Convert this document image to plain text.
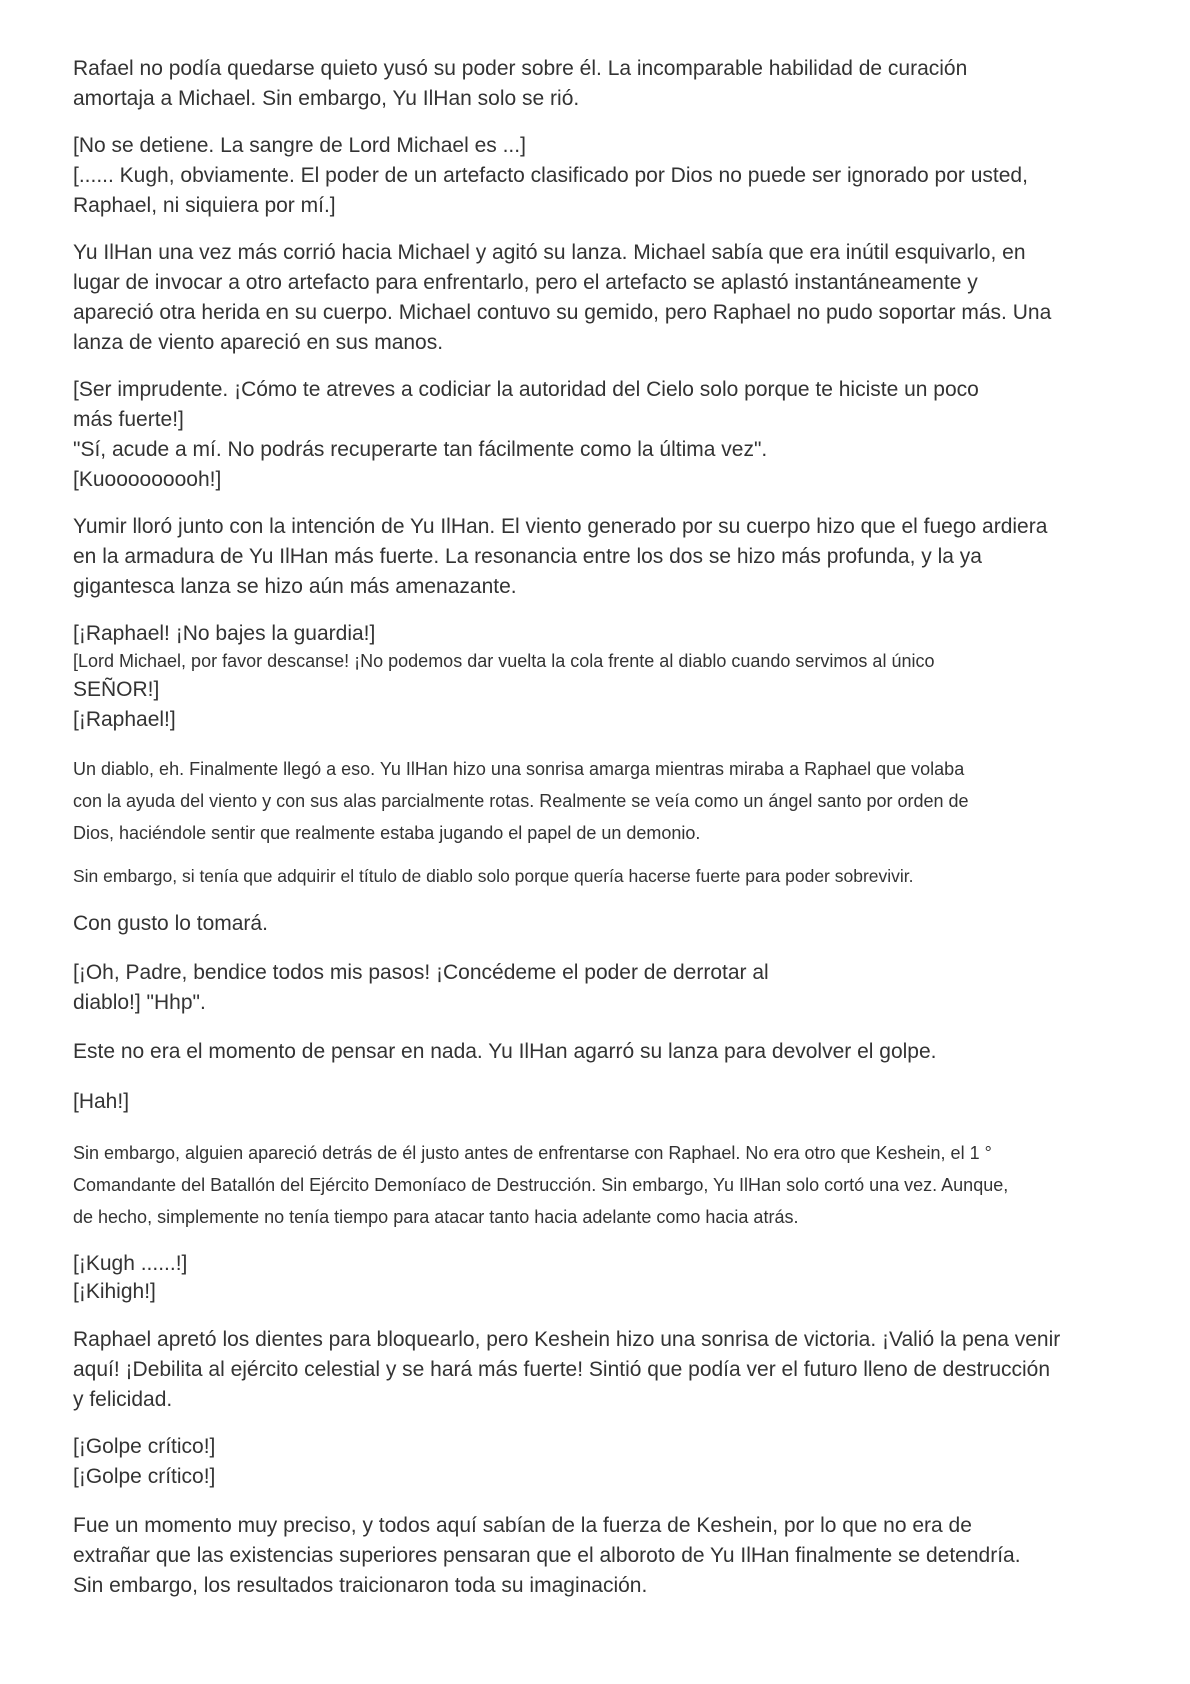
Rafael no podía quedarse quieto yusó su poder sobre él. La incomparable habilidad de curación
amortaja a Michael. Sin embargo, Yu IlHan solo se rió.

[No se detiene. La sangre de Lord Michael es ...]
[...... Kugh, obviamente. El poder de un artefacto clasificado por Dios no puede ser ignorado por usted,
Raphael, ni siquiera por mí.]

Yu IlHan una vez más corrió hacia Michael y agitó su lanza. Michael sabía que era inútil esquivarlo, en
lugar de invocar a otro artefacto para enfrentarlo, pero el artefacto se aplastó instantáneamente y
apareció otra herida en su cuerpo. Michael contuvo su gemido, pero Raphael no pudo soportar más. Una
lanza de viento apareció en sus manos.

[Ser imprudente. ¡Cómo te atreves a codiciar la autoridad del Cielo solo porque te hiciste un poco
más fuerte!]
"Sí, acude a mí. No podrás recuperarte tan fácilmente como la última vez".
[Kuooooooooh!]

Yumir lloró junto con la intención de Yu IlHan. El viento generado por su cuerpo hizo que el fuego ardiera
en la armadura de Yu IlHan más fuerte. La resonancia entre los dos se hizo más profunda, y la ya
gigantesca lanza se hizo aún más amenazante.

[¡Raphael! ¡No bajes la guardia!]

[Lord Michael, por favor descanse! ¡No podemos dar vuelta la cola frente al diablo cuando servimos al único

SEÑOR!]
[¡Raphael!]

Un diablo, eh. Finalmente llegó a eso. Yu IlHan hizo una sonrisa amarga mientras miraba a Raphael que volaba
con la ayuda del viento y con sus alas parcialmente rotas. Realmente se veía como un ángel santo por orden de
Dios, haciéndole sentir que realmente estaba jugando el papel de un demonio.

Sin embargo, si tenía que adquirir el título de diablo solo porque quería hacerse fuerte para poder sobrevivir.

Con gusto lo tomará.

[¡Oh, Padre, bendice todos mis pasos! ¡Concédeme el poder de derrotar al
diablo!] "Hhp".

Este no era el momento de pensar en nada. Yu IlHan agarró su lanza para devolver el golpe.

[Hah!]

Sin embargo, alguien apareció detrás de él justo antes de enfrentarse con Raphael. No era otro que Keshein, el 1 °
Comandante del Batallón del Ejército Demoníaco de Destrucción. Sin embargo, Yu IlHan solo cortó una vez. Aunque,
de hecho, simplemente no tenía tiempo para atacar tanto hacia adelante como hacia atrás.

[¡Kugh ......!]
[¡Kihigh!]

Raphael apretó los dientes para bloquearlo, pero Keshein hizo una sonrisa de victoria. ¡Valió la pena venir
aquí! ¡Debilita al ejército celestial y se hará más fuerte! Sintió que podía ver el futuro lleno de destrucción
y felicidad.

[¡Golpe crítico!]
[¡Golpe crítico!]

Fue un momento muy preciso, y todos aquí sabían de la fuerza de Keshein, por lo que no era de
extrañar que las existencias superiores pensaran que el alboroto de Yu IlHan finalmente se detendría.
Sin embargo, los resultados traicionaron toda su imaginación.
